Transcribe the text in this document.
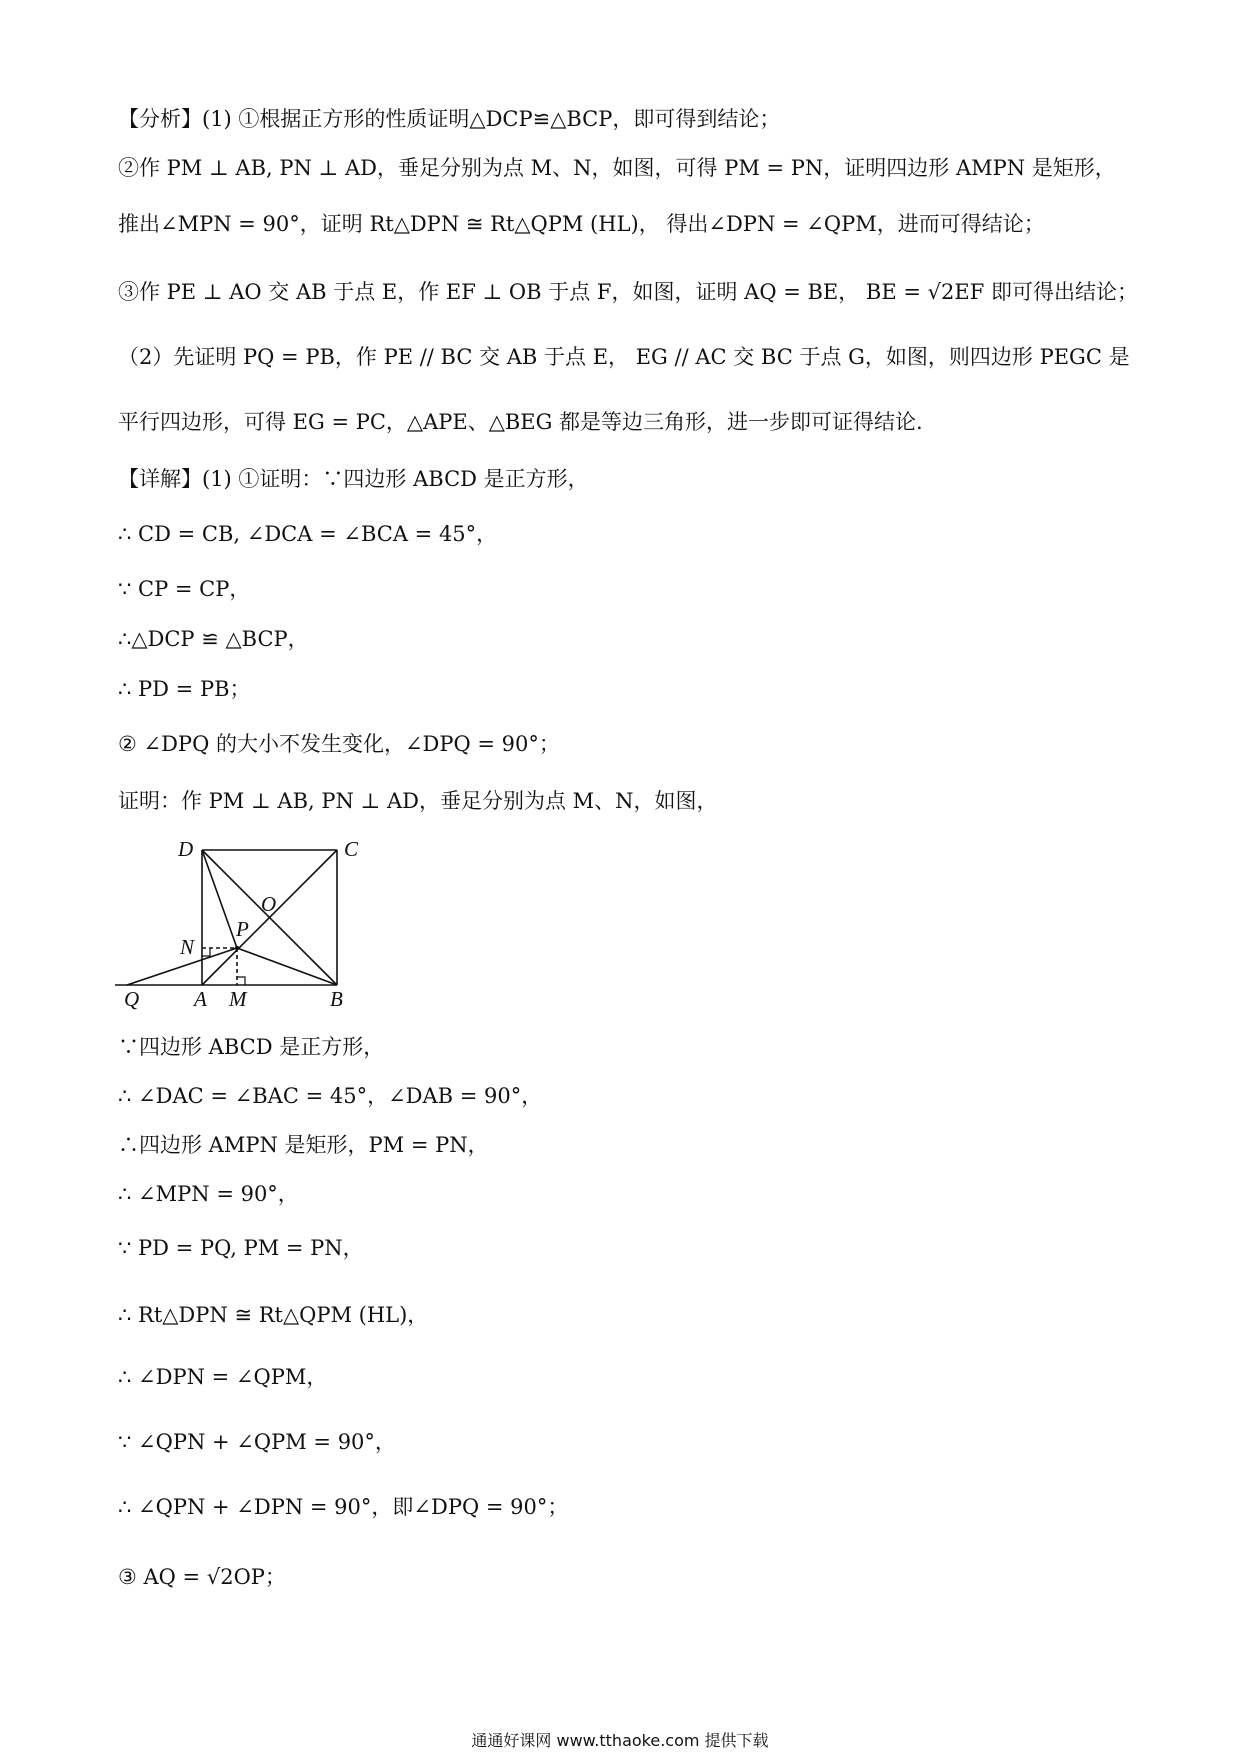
【分析】(1) ①根据正方形的性质证明△DCP≌△BCP，即可得到结论；
②作 PM ⊥ AB, PN ⊥ AD，垂足分别为点 M、N，如图，可得 PM = PN，证明四边形 AMPN 是矩形，
推出∠MPN = 90°，证明 Rt△DPN ≅ Rt△QPM (HL)， 得出∠DPN = ∠QPM，进而可得结论；
③作 PE ⊥ AO 交 AB 于点 E，作 EF ⊥ OB 于点 F，如图，证明 AQ = BE， BE = √2EF 即可得出结论；
（2）先证明 PQ = PB，作 PE // BC 交 AB 于点 E， EG // AC 交 BC 于点 G，如图，则四边形 PEGC 是
平行四边形，可得 EG = PC，△APE、△BEG 都是等边三角形，进一步即可证得结论.
【详解】(1) ①证明：∵四边形 ABCD 是正方形，
∴ CD = CB, ∠DCA = ∠BCA = 45°，
∵ CP = CP，
∴△DCP ≌ △BCP，
∴ PD = PB；
② ∠DPQ 的大小不发生变化，∠DPQ = 90°；
证明：作 PM ⊥ AB, PN ⊥ AD，垂足分别为点 M、N，如图，
D	C
O
P
N
Q	A M	B
∵四边形 ABCD 是正方形，
∴ ∠DAC = ∠BAC = 45°，∠DAB = 90°，
∴四边形 AMPN 是矩形，PM = PN，
∴ ∠MPN = 90°，
∵ PD = PQ, PM = PN，
∴ Rt△DPN ≅ Rt△QPM (HL)，
∴ ∠DPN = ∠QPM，
∵ ∠QPN + ∠QPM = 90°，
∴ ∠QPN + ∠DPN = 90°，即∠DPQ = 90°；
③ AQ = √2OP；
通通好课网 www.tthaoke.com 提供下载
